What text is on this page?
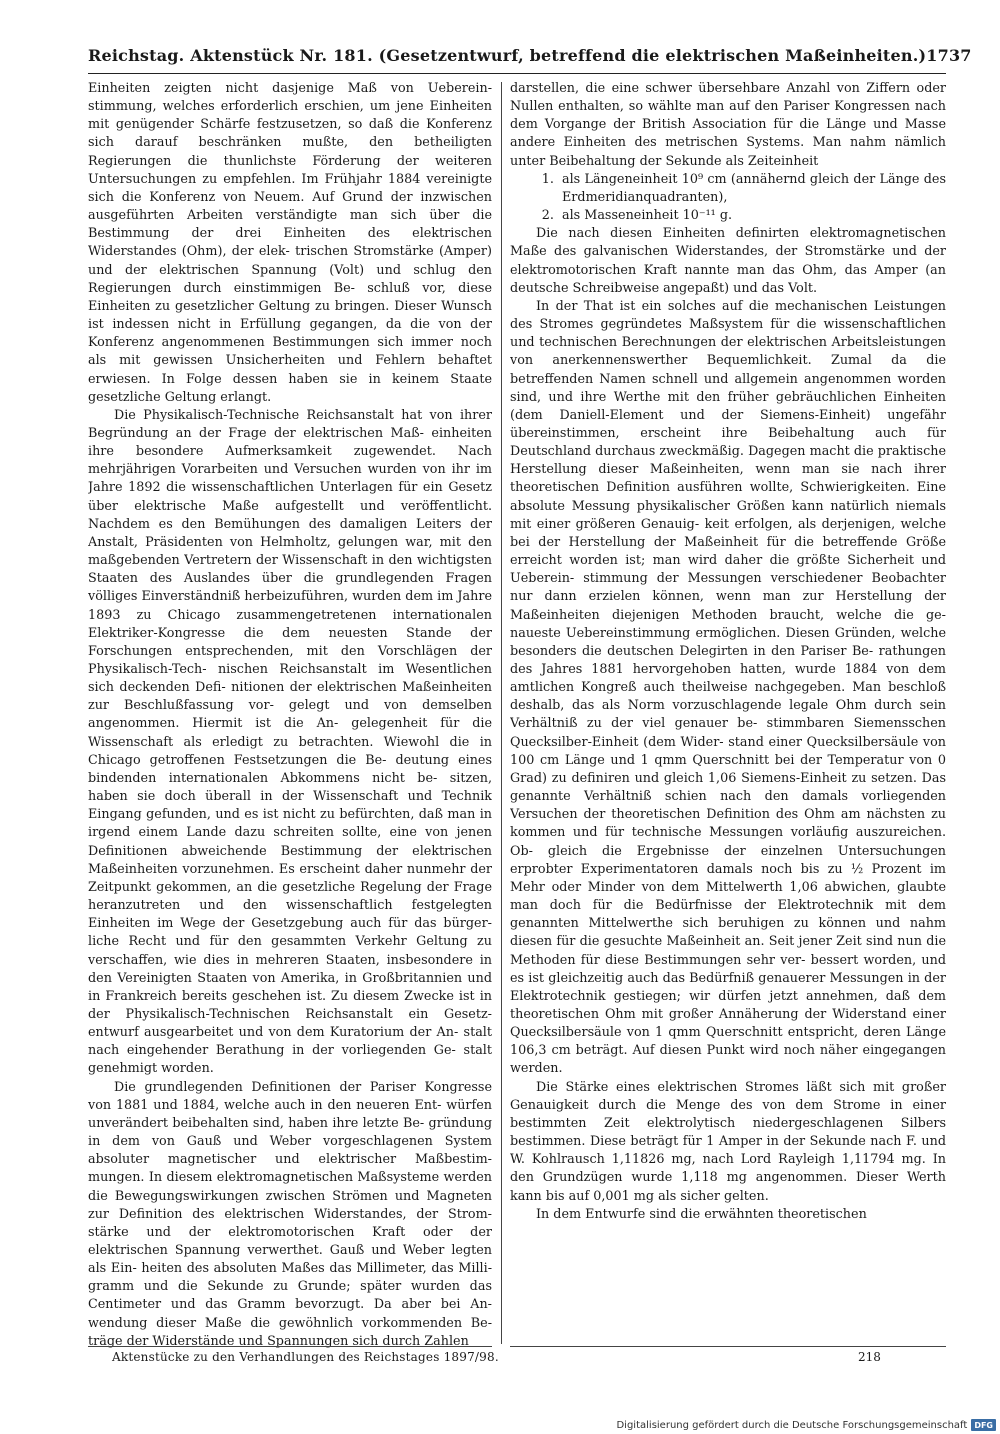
Reichstag. Aktenstück Nr. 181. (Gesetzentwurf, betreffend die elektrischen Maßeinheiten.) 1737

Einheiten zeigten nicht dasjenige Maß von Ueberein- stimmung, welches erforderlich erschien, um jene Einheiten mit genügender Schärfe festzusetzen, so daß die Konferenz sich darauf beschränken mußte, den betheiligten Regierungen die thunlichste Förderung der weiteren Untersuchungen zu empfehlen. Im Frühjahr 1884 vereinigte sich die Konferenz von Neuem. Auf Grund der inzwischen ausgeführten Arbeiten verständigte man sich über die Bestimmung der drei Einheiten des elektrischen Widerstandes (Ohm), der elek- trischen Stromstärke (Amper) und der elektrischen Spannung (Volt) und schlug den Regierungen durch einstimmigen Be- schluß vor, diese Einheiten zu gesetzlicher Geltung zu bringen. Dieser Wunsch ist indessen nicht in Erfüllung gegangen, da die von der Konferenz angenommenen Bestimmungen sich immer noch als mit gewissen Unsicherheiten und Fehlern behaftet erwiesen. In Folge dessen haben sie in keinem Staate gesetzliche Geltung erlangt.

Die Physikalisch-Technische Reichsanstalt hat von ihrer Begründung an der Frage der elektrischen Maß- einheiten ihre besondere Aufmerksamkeit zugewendet. Nach mehrjährigen Vorarbeiten und Versuchen wurden von ihr im Jahre 1892 die wissenschaftlichen Unterlagen für ein Gesetz über elektrische Maße aufgestellt und veröffentlicht. Nachdem es den Bemühungen des damaligen Leiters der Anstalt, Präsidenten von Helmholtz, gelungen war, mit den maßgebenden Vertretern der Wissenschaft in den wichtigsten Staaten des Auslandes über die grundlegenden Fragen völliges Einverständniß herbeizuführen, wurden dem im Jahre 1893 zu Chicago zusammengetretenen internationalen Elektriker-Kongresse die dem neuesten Stande der Forschungen entsprechenden, mit den Vorschlägen der Physikalisch-Tech- nischen Reichsanstalt im Wesentlichen sich deckenden Defi- nitionen der elektrischen Maßeinheiten zur Beschlußfassung vor- gelegt und von demselben angenommen. Hiermit ist die An- gelegenheit für die Wissenschaft als erledigt zu betrachten. Wiewohl die in Chicago getroffenen Festsetzungen die Be- deutung eines bindenden internationalen Abkommens nicht be- sitzen, haben sie doch überall in der Wissenschaft und Technik Eingang gefunden, und es ist nicht zu befürchten, daß man in irgend einem Lande dazu schreiten sollte, eine von jenen Definitionen abweichende Bestimmung der elektrischen Maßeinheiten vorzunehmen. Es erscheint daher nunmehr der Zeitpunkt gekommen, an die gesetzliche Regelung der Frage heranzutreten und den wissenschaftlich festgelegten Einheiten im Wege der Gesetzgebung auch für das bürger- liche Recht und für den gesammten Verkehr Geltung zu verschaffen, wie dies in mehreren Staaten, insbesondere in den Vereinigten Staaten von Amerika, in Großbritannien und in Frankreich bereits geschehen ist. Zu diesem Zwecke ist in der Physikalisch-Technischen Reichsanstalt ein Gesetz- entwurf ausgearbeitet und von dem Kuratorium der An- stalt nach eingehender Berathung in der vorliegenden Ge- stalt genehmigt worden.

Die grundlegenden Definitionen der Pariser Kongresse von 1881 und 1884, welche auch in den neueren Ent- würfen unverändert beibehalten sind, haben ihre letzte Be- gründung in dem von Gauß und Weber vorgeschlagenen System absoluter magnetischer und elektrischer Maßbestim- mungen. In diesem elektromagnetischen Maßsysteme werden die Bewegungswirkungen zwischen Strömen und Magneten zur Definition des elektrischen Widerstandes, der Strom- stärke und der elektromotorischen Kraft oder der elektrischen Spannung verwerthet. Gauß und Weber legten als Ein- heiten des absoluten Maßes das Millimeter, das Milli- gramm und die Sekunde zu Grunde; später wurden das Centimeter und das Gramm bevorzugt. Da aber bei An- wendung dieser Maße die gewöhnlich vorkommenden Be- träge der Widerstände und Spannungen sich durch Zahlen

darstellen, die eine schwer übersehbare Anzahl von Ziffern oder Nullen enthalten, so wählte man auf den Pariser Kongressen nach dem Vorgange der British Association für die Länge und Masse andere Einheiten des metrischen Systems. Man nahm nämlich unter Beibehaltung der Sekunde als Zeiteinheit

1. als Längeneinheit 10⁹ cm (annähernd gleich der Länge des Erdmeridianquadranten),
2. als Masseneinheit 10⁻¹¹ g.

Die nach diesen Einheiten definirten elektromagnetischen Maße des galvanischen Widerstandes, der Stromstärke und der elektromotorischen Kraft nannte man das Ohm, das Amper (an deutsche Schreibweise angepaßt) und das Volt.

In der That ist ein solches auf die mechanischen Leistungen des Stromes gegründetes Maßsystem für die wissenschaftlichen und technischen Berechnungen der elektrischen Arbeitsleistungen von anerkennenswerther Bequemlichkeit. Zumal da die betreffenden Namen schnell und allgemein angenommen worden sind, und ihre Werthe mit den früher gebräuchlichen Einheiten (dem Daniell-Element und der Siemens-Einheit) ungefähr übereinstimmen, erscheint ihre Beibehaltung auch für Deutschland durchaus zweckmäßig. Dagegen macht die praktische Herstellung dieser Maßeinheiten, wenn man sie nach ihrer theoretischen Definition ausführen wollte, Schwierigkeiten. Eine absolute Messung physikalischer Größen kann natürlich niemals mit einer größeren Genauig- keit erfolgen, als derjenigen, welche bei der Herstellung der Maßeinheit für die betreffende Größe erreicht worden ist; man wird daher die größte Sicherheit und Ueberein- stimmung der Messungen verschiedener Beobachter nur dann erzielen können, wenn man zur Herstellung der Maßeinheiten diejenigen Methoden braucht, welche die ge- naueste Uebereinstimmung ermöglichen. Diesen Gründen, welche besonders die deutschen Delegirten in den Pariser Be- rathungen des Jahres 1881 hervorgehoben hatten, wurde 1884 von dem amtlichen Kongreß auch theilweise nachgegeben. Man beschloß deshalb, das als Norm vorzuschlagende legale Ohm durch sein Verhältniß zu der viel genauer be- stimmbaren Siemensschen Quecksilber-Einheit (dem Wider- stand einer Quecksilbersäule von 100 cm Länge und 1 qmm Querschnitt bei der Temperatur von 0 Grad) zu definiren und gleich 1,06 Siemens-Einheit zu setzen. Das genannte Verhältniß schien nach den damals vorliegenden Versuchen der theoretischen Definition des Ohm am nächsten zu kommen und für technische Messungen vorläufig auszureichen. Ob- gleich die Ergebnisse der einzelnen Untersuchungen erprobter Experimentatoren damals noch bis zu ½ Prozent im Mehr oder Minder von dem Mittelwerth 1,06 abwichen, glaubte man doch für die Bedürfnisse der Elektrotechnik mit dem genannten Mittelwerthe sich beruhigen zu können und nahm diesen für die gesuchte Maßeinheit an. Seit jener Zeit sind nun die Methoden für diese Bestimmungen sehr ver- bessert worden, und es ist gleichzeitig auch das Bedürfniß genauerer Messungen in der Elektrotechnik gestiegen; wir dürfen jetzt annehmen, daß dem theoretischen Ohm mit großer Annäherung der Widerstand einer Quecksilbersäule von 1 qmm Querschnitt entspricht, deren Länge 106,3 cm beträgt. Auf diesen Punkt wird noch näher eingegangen werden.

Die Stärke eines elektrischen Stromes läßt sich mit großer Genauigkeit durch die Menge des von dem Strome in einer bestimmten Zeit elektrolytisch niedergeschlagenen Silbers bestimmen. Diese beträgt für 1 Amper in der Sekunde nach F. und W. Kohlrausch 1,11826 mg, nach Lord Rayleigh 1,11794 mg. In den Grundzügen wurde 1,118 mg angenommen. Dieser Werth kann bis auf 0,001 mg als sicher gelten.

In dem Entwurfe sind die erwähnten theoretischen

Aktenstücke zu den Verhandlungen des Reichstages 1897/98.	218
Digitalisierung gefördert durch die Deutsche Forschungsgemeinschaft DFG
